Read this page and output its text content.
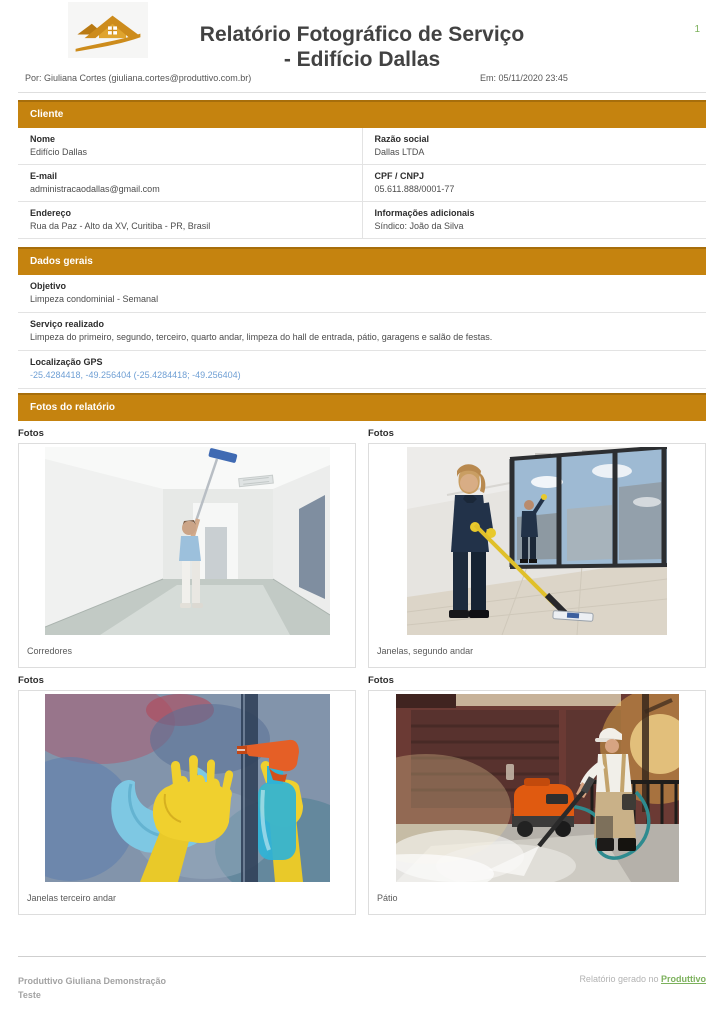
1
Relatório Fotográfico de Serviço
- Edifício Dallas
Por: Giuliana Cortes (giuliana.cortes@produttivo.com.br)	Em: 05/11/2020 23:45
Cliente
Nome
Edifício Dallas

Razão social
Dallas LTDA

E-mail
administracaodallas@gmail.com

CPF / CNPJ
05.611.888/0001-77

Endereço
Rua da Paz - Alto da XV, Curitiba - PR, Brasil

Informações adicionais
Síndico: João da Silva
Dados gerais
Objetivo
Limpeza condominial - Semanal
Serviço realizado
Limpeza do primeiro, segundo, terceiro, quarto andar, limpeza do hall de entrada, pátio, garagens e salão de festas.
Localização GPS
-25.4284418, -49.256404 (-25.4284418; -49.256404)
Fotos do relatório
Fotos
Corredores
Fotos
Janelas, segundo andar
Fotos
Janelas terceiro andar
Fotos
Pátio
Produttivo Giuliana Demonstração
Teste
Relatório gerado no Produttivo
